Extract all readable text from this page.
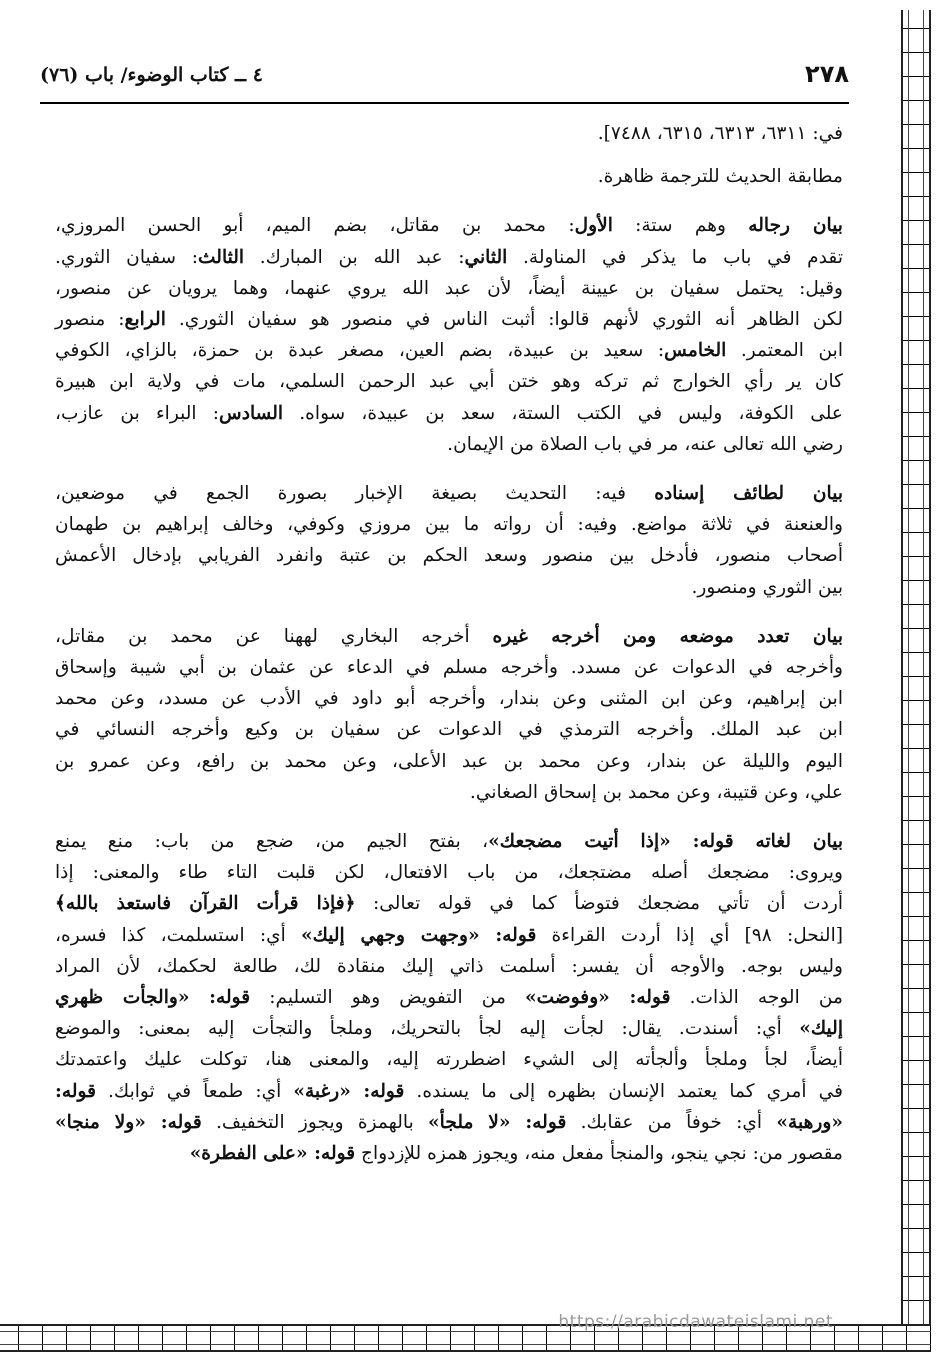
٢٧٨
٤ ــ كتاب الوضوء/ باب (٧٦)
في: ٦٣١١، ٦٣١٣، ٦٣١٥، ٧٤٨٨].
مطابقة الحديث للترجمة ظاهرة.
بيان رجاله وهم ستة: الأول: محمد بن مقاتل، بضم الميم، أبو الحسن المروزي،
تقدم في باب ما يذكر في المناولة. الثاني: عبد الله بن المبارك. الثالث: سفيان الثوري.
وقيل: يحتمل سفيان بن عيينة أيضاً، لأن عبد الله يروي عنهما، وهما يرويان عن منصور،
لكن الظاهر أنه الثوري لأنهم قالوا: أثبت الناس في منصور هو سفيان الثوري. الرابع: منصور
ابن المعتمر. الخامس: سعيد بن عبيدة، بضم العين، مصغر عبدة بن حمزة، بالزاي، الكوفي
كان ير رأي الخوارج ثم تركه وهو ختن أبي عبد الرحمن السلمي، مات في ولاية ابن هبيرة
على الكوفة، وليس في الكتب الستة، سعد بن عبيدة، سواه. السادس: البراء بن عازب،
رضي الله تعالى عنه، مر في باب الصلاة من الإيمان.
بيان لطائف إسناده فيه: التحديث بصيغة الإخبار بصورة الجمع في موضعين،
والعنعنة في ثلاثة مواضع. وفيه: أن رواته ما بين مروزي وكوفي، وخالف إبراهيم بن طهمان
أصحاب منصور، فأدخل بين منصور وسعد الحكم بن عتبة وانفرد الفريابي بإدخال الأعمش
بين الثوري ومنصور.
بيان تعدد موضعه ومن أخرجه غيره أخرجه البخاري لههنا عن محمد بن مقاتل،
وأخرجه في الدعوات عن مسدد. وأخرجه مسلم في الدعاء عن عثمان بن أبي شيبة وإسحاق
ابن إبراهيم، وعن ابن المثنى وعن بندار، وأخرجه أبو داود في الأدب عن مسدد، وعن محمد
ابن عبد الملك. وأخرجه الترمذي في الدعوات عن سفيان بن وكيع وأخرجه النسائي في
اليوم والليلة عن بندار، وعن محمد بن عبد الأعلى، وعن محمد بن رافع، وعن عمرو بن
علي، وعن قتيبة، وعن محمد بن إسحاق الصغاني.
بيان لغاته قوله: «إذا أتيت مضجعك»، بفتح الجيم من، ضجع من باب: منع يمنع
ويروى: مضجعك أصله مضتجعك، من باب الافتعال، لكن قلبت التاء طاء والمعنى: إذا
أردت أن تأتي مضجعك فتوضأ كما في قوله تعالى: ﴿فإذا قرأت القرآن فاستعذ بالله﴾
[النحل: ٩٨] أي إذا أردت القراءة قوله: «وجهت وجهي إليك» أي: استسلمت، كذا فسره،
وليس بوجه. والأوجه أن يفسر: أسلمت ذاتي إليك منقادة لك، طالعة لحكمك، لأن المراد
من الوجه الذات. قوله: «وفوضت» من التفويض وهو التسليم: قوله: «والجأت ظهري
إليك» أي: أسندت. يقال: لجأت إليه لجأ بالتحريك، وملجأ والتجأت إليه بمعنى: والموضع
أيضاً، لجأ وملجأ وألجأته إلى الشيء اضطررته إليه، والمعنى هنا، توكلت عليك واعتمدتك
في أمري كما يعتمد الإنسان بظهره إلى ما يسنده. قوله: «رغبة» أي: طمعاً في ثوابك. قوله:
«ورهبة» أي: خوفاً من عقابك. قوله: «لا ملجأ» بالهمزة ويجوز التخفيف. قوله: «ولا منجا»
مقصور من: نجي ينجو، والمنجأ مفعل منه، ويجوز همزه للإزدواج قوله: «على الفطرة»
https://arabicdawateislami.net
